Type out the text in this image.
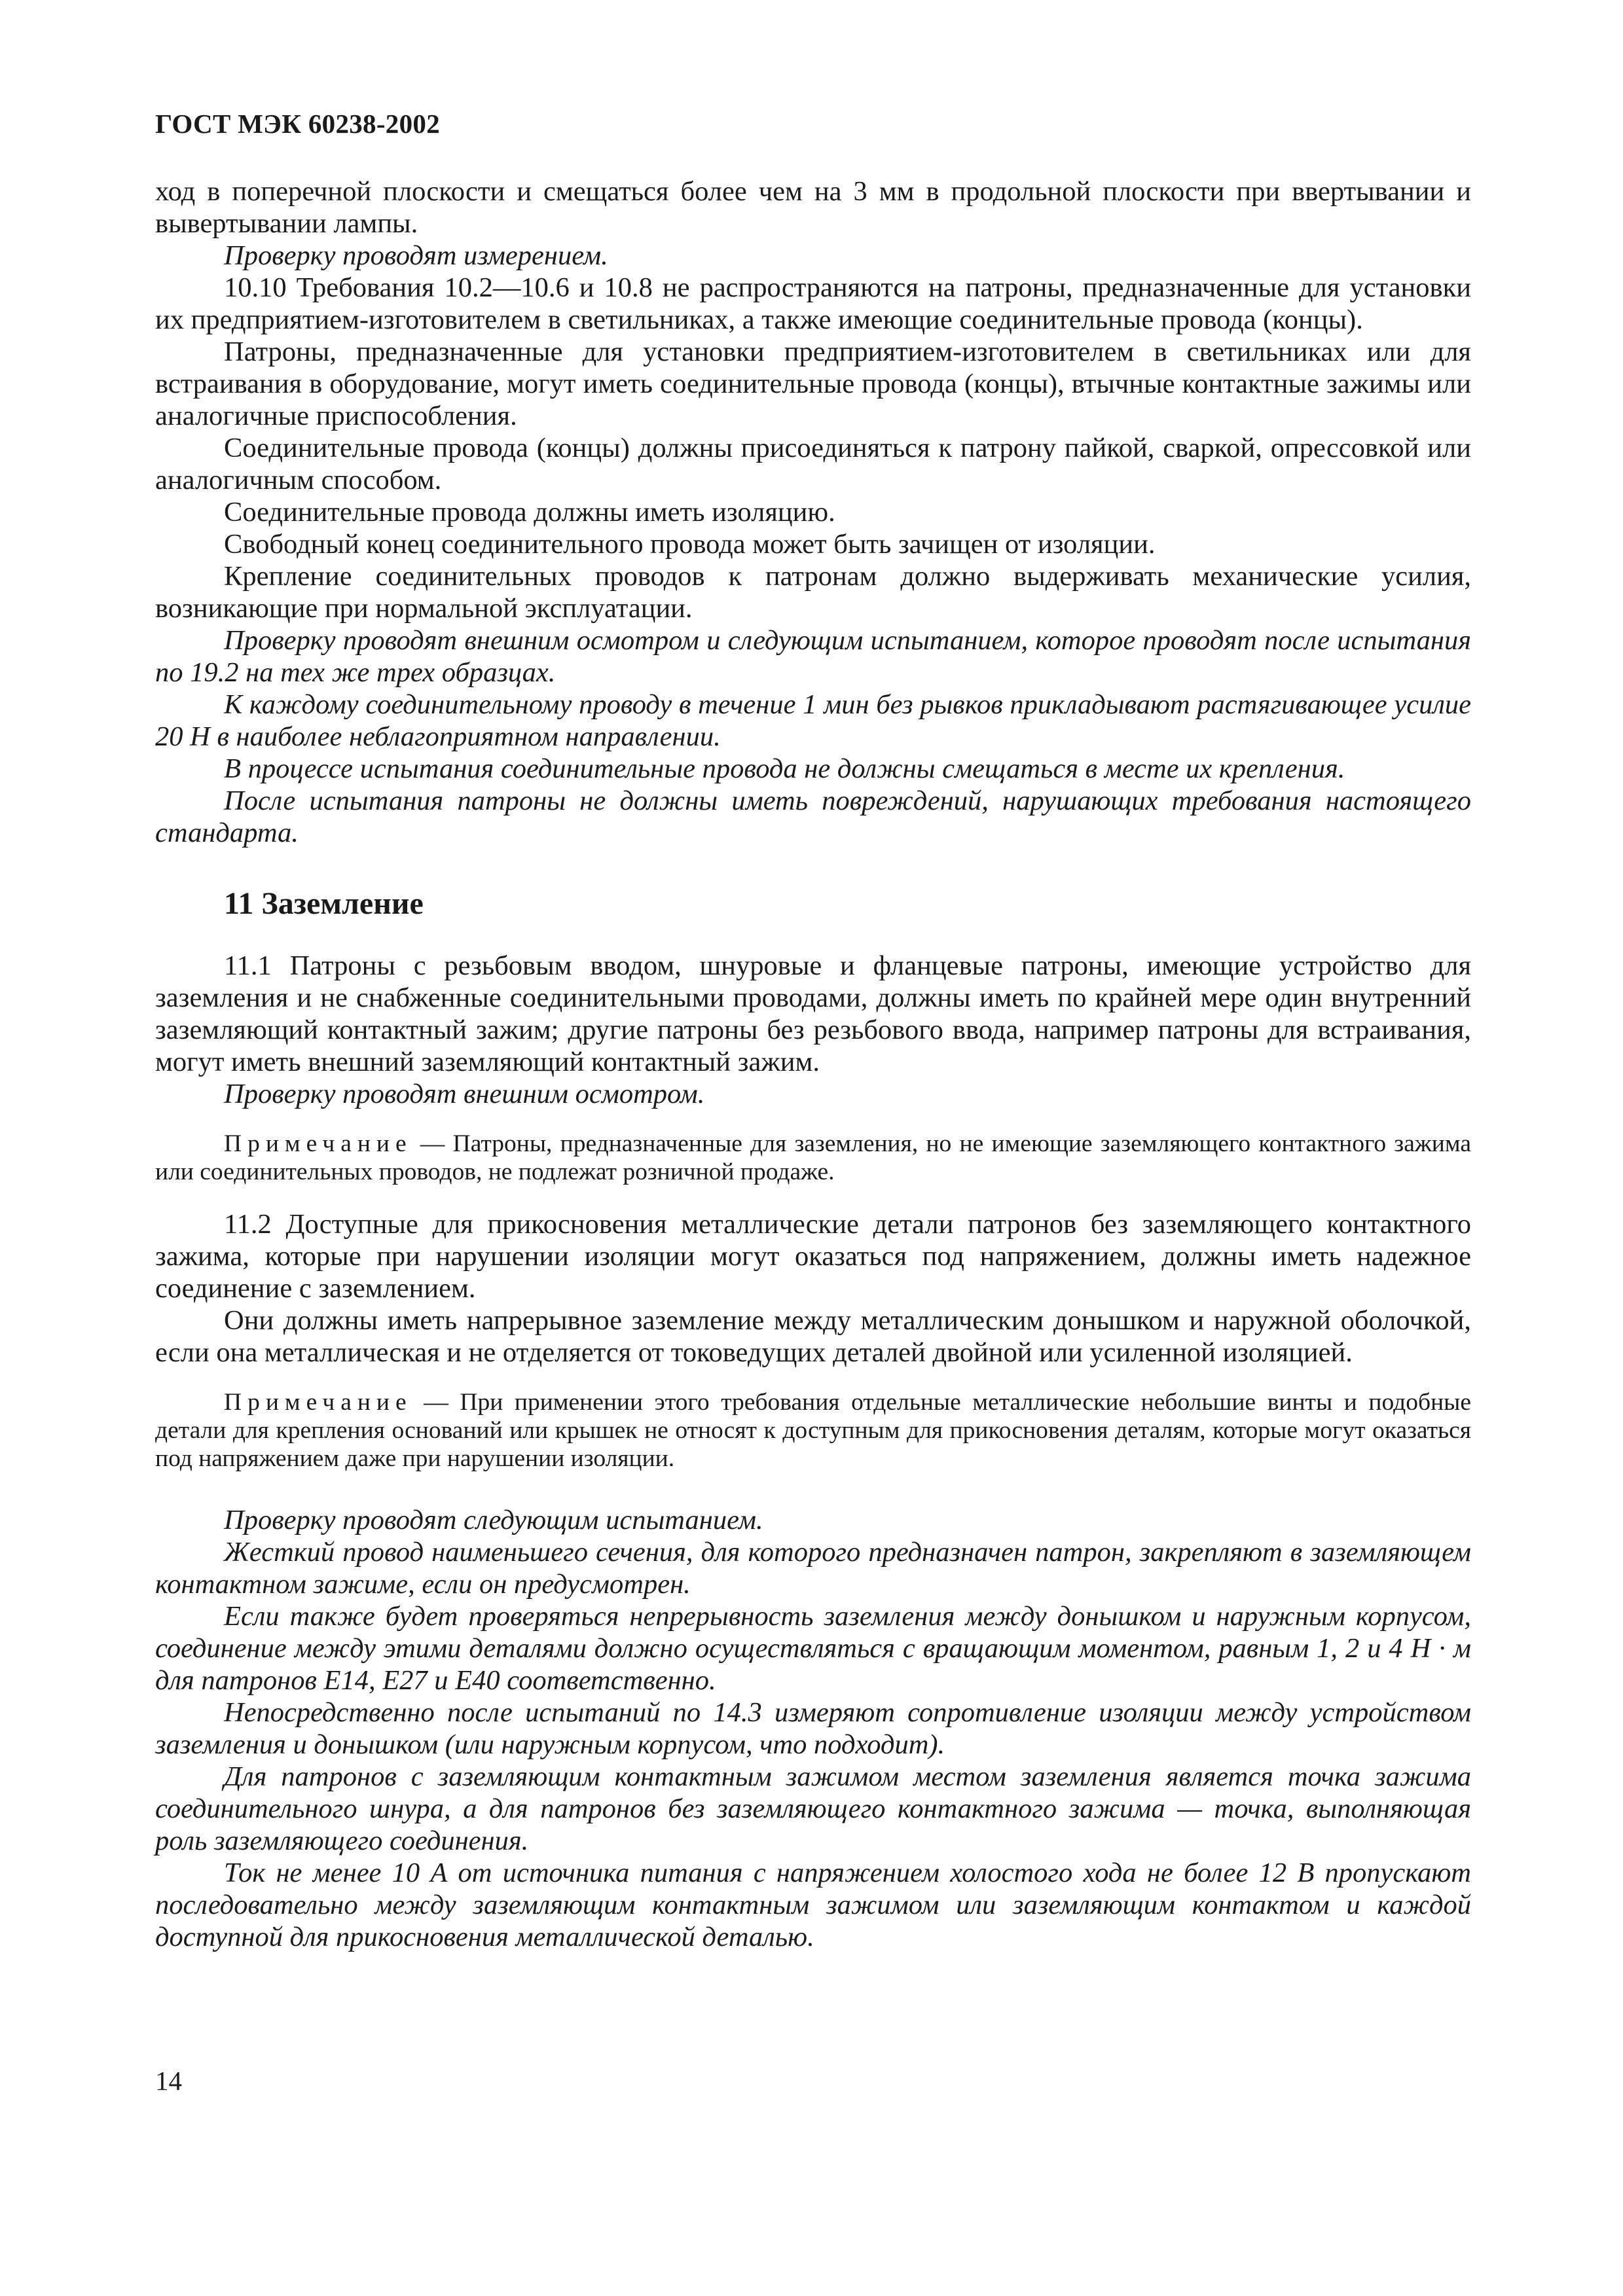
ГОСТ МЭК 60238-2002

ход в поперечной плоскости и смещаться более чем на 3 мм в продольной плоскости при ввертывании и вывертывании лампы.

Проверку проводят измерением.

10.10 Требования 10.2—10.6 и 10.8 не распространяются на патроны, предназначенные для установки их предприятием-изготовителем в светильниках, а также имеющие соединительные провода (концы).

Патроны, предназначенные для установки предприятием-изготовителем в светильниках или для встраивания в оборудование, могут иметь соединительные провода (концы), втычные контактные зажимы или аналогичные приспособления.

Соединительные провода (концы) должны присоединяться к патрону пайкой, сваркой, опрессовкой или аналогичным способом.

Соединительные провода должны иметь изоляцию.

Свободный конец соединительного провода может быть зачищен от изоляции.

Крепление соединительных проводов к патронам должно выдерживать механические усилия, возникающие при нормальной эксплуатации.

Проверку проводят внешним осмотром и следующим испытанием, которое проводят после испытания по 19.2 на тех же трех образцах.

К каждому соединительному проводу в течение 1 мин без рывков прикладывают растягивающее усилие 20 Н в наиболее неблагоприятном направлении.

В процессе испытания соединительные провода не должны смещаться в месте их крепления.

После испытания патроны не должны иметь повреждений, нарушающих требования настоящего стандарта.

11 Заземление

11.1 Патроны с резьбовым вводом, шнуровые и фланцевые патроны, имеющие устройство для заземления и не снабженные соединительными проводами, должны иметь по крайней мере один внутренний заземляющий контактный зажим; другие патроны без резьбового ввода, например патроны для встраивания, могут иметь внешний заземляющий контактный зажим.

Проверку проводят внешним осмотром.

Примечание — Патроны, предназначенные для заземления, но не имеющие заземляющего контактного зажима или соединительных проводов, не подлежат розничной продаже.

11.2 Доступные для прикосновения металлические детали патронов без заземляющего контактного зажима, которые при нарушении изоляции могут оказаться под напряжением, должны иметь надежное соединение с заземлением.

Они должны иметь напрерывное заземление между металлическим донышком и наружной оболочкой, если она металлическая и не отделяется от токоведущих деталей двойной или усиленной изоляцией.

Примечание — При применении этого требования отдельные металлические небольшие винты и подобные детали для крепления оснований или крышек не относят к доступным для прикосновения деталям, которые могут оказаться под напряжением даже при нарушении изоляции.

Проверку проводят следующим испытанием.

Жесткий провод наименьшего сечения, для которого предназначен патрон, закрепляют в заземляющем контактном зажиме, если он предусмотрен.

Если также будет проверяться непрерывность заземления между донышком и наружным корпусом, соединение между этими деталями должно осуществляться с вращающим моментом, равным 1, 2 и 4 Н · м для патронов Е14, Е27 и Е40 соответственно.

Непосредственно после испытаний по 14.3 измеряют сопротивление изоляции между устройством заземления и донышком (или наружным корпусом, что подходит).

Для патронов с заземляющим контактным зажимом местом заземления является точка зажима соединительного шнура, а для патронов без заземляющего контактного зажима — точка, выполняющая роль заземляющего соединения.

Ток не менее 10 А от источника питания с напряжением холостого хода не более 12 В пропускают последовательно между заземляющим контактным зажимом или заземляющим контактом и каждой доступной для прикосновения металлической деталью.

14
